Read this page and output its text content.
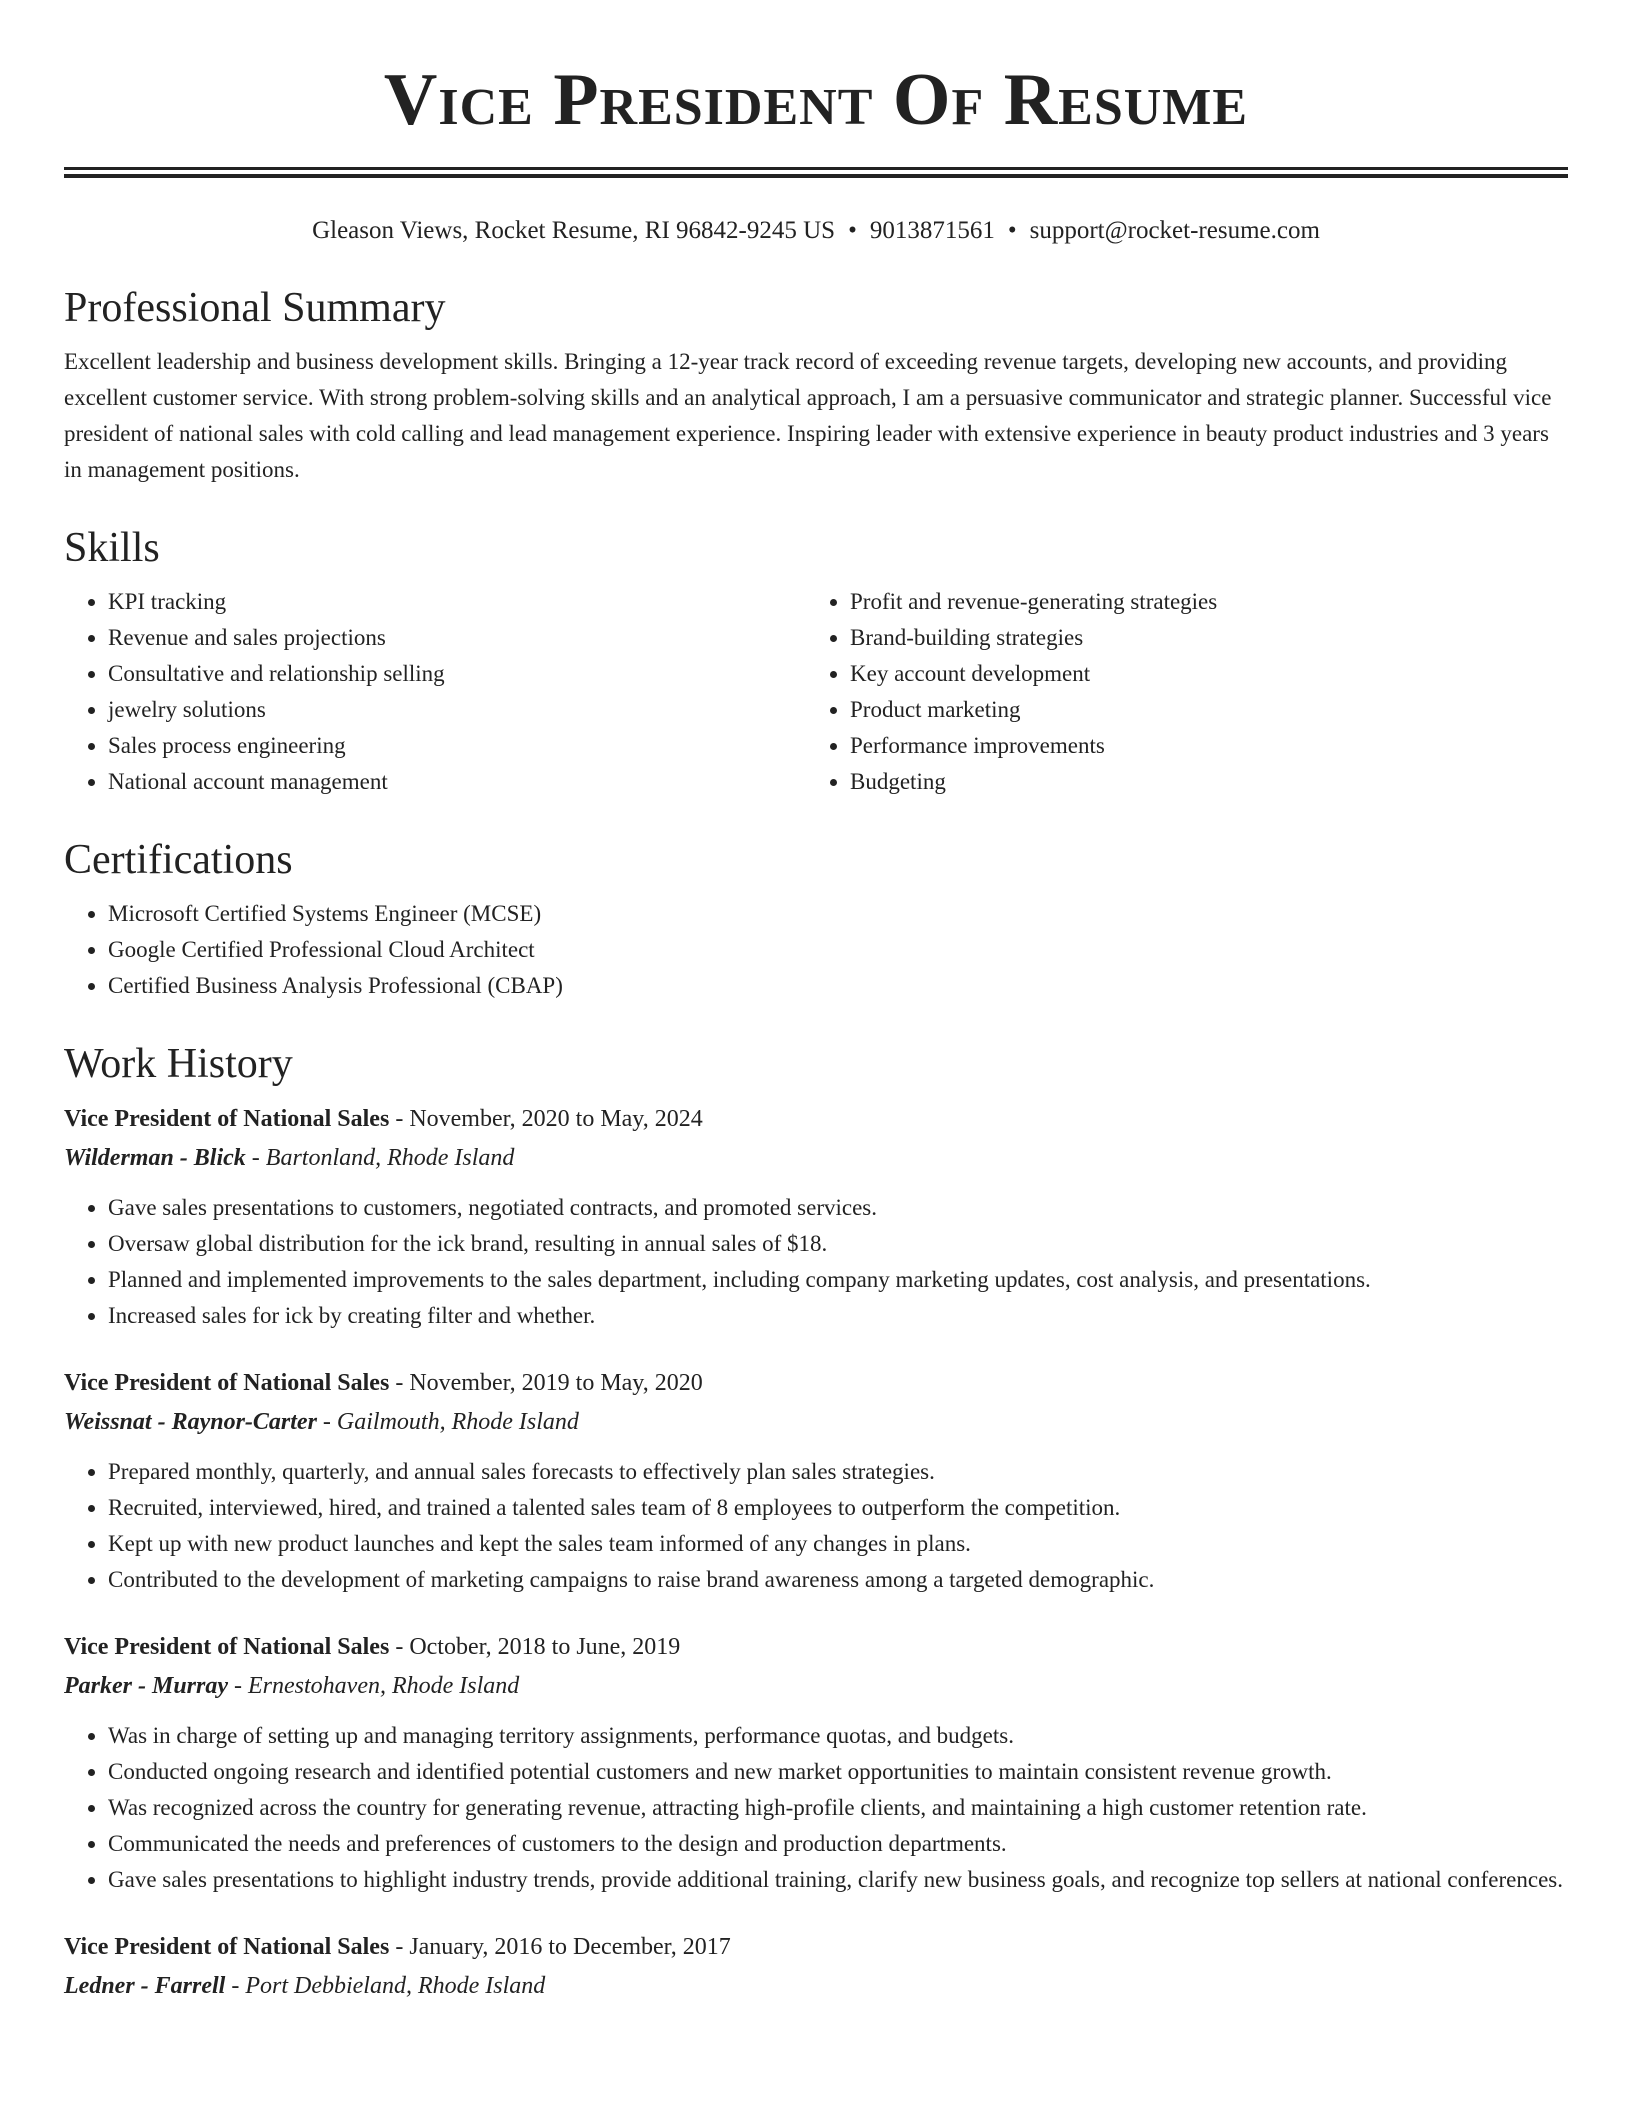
Vice President Of Resume
Gleason Views, Rocket Resume, RI 96842-9245 US • 9013871561 • support@rocket-resume.com
Professional Summary

Excellent leadership and business development skills. Bringing a 12-year track record of exceeding revenue targets, developing new accounts, and providing excellent customer service. With strong problem-solving skills and an analytical approach, I am a persuasive communicator and strategic planner. Successful vice president of national sales with cold calling and lead management experience. Inspiring leader with extensive experience in beauty product industries and 3 years in management positions.

Skills
• KPI tracking
• Revenue and sales projections
• Consultative and relationship selling
• jewelry solutions
• Sales process engineering
• National account management
• Profit and revenue-generating strategies
• Brand-building strategies
• Key account development
• Product marketing
• Performance improvements
• Budgeting
Certifications
• Microsoft Certified Systems Engineer (MCSE)
• Google Certified Professional Cloud Architect
• Certified Business Analysis Professional (CBAP)
Work History
Vice President of National Sales - November, 2020 to May, 2024
Wilderman - Blick - Bartonland, Rhode Island
• Gave sales presentations to customers, negotiated contracts, and promoted services.
• Oversaw global distribution for the ick brand, resulting in annual sales of $18.
• Planned and implemented improvements to the sales department, including company marketing updates, cost analysis, and presentations.
• Increased sales for ick by creating filter and whether.
Vice President of National Sales - November, 2019 to May, 2020
Weissnat - Raynor-Carter - Gailmouth, Rhode Island
• Prepared monthly, quarterly, and annual sales forecasts to effectively plan sales strategies.
• Recruited, interviewed, hired, and trained a talented sales team of 8 employees to outperform the competition.
• Kept up with new product launches and kept the sales team informed of any changes in plans.
• Contributed to the development of marketing campaigns to raise brand awareness among a targeted demographic.
Vice President of National Sales - October, 2018 to June, 2019
Parker - Murray - Ernestohaven, Rhode Island
• Was in charge of setting up and managing territory assignments, performance quotas, and budgets.
• Conducted ongoing research and identified potential customers and new market opportunities to maintain consistent revenue growth.
• Was recognized across the country for generating revenue, attracting high-profile clients, and maintaining a high customer retention rate.
• Communicated the needs and preferences of customers to the design and production departments.
• Gave sales presentations to highlight industry trends, provide additional training, clarify new business goals, and recognize top sellers at national conferences.
Vice President of National Sales - January, 2016 to December, 2017
Ledner - Farrell - Port Debbieland, Rhode Island
